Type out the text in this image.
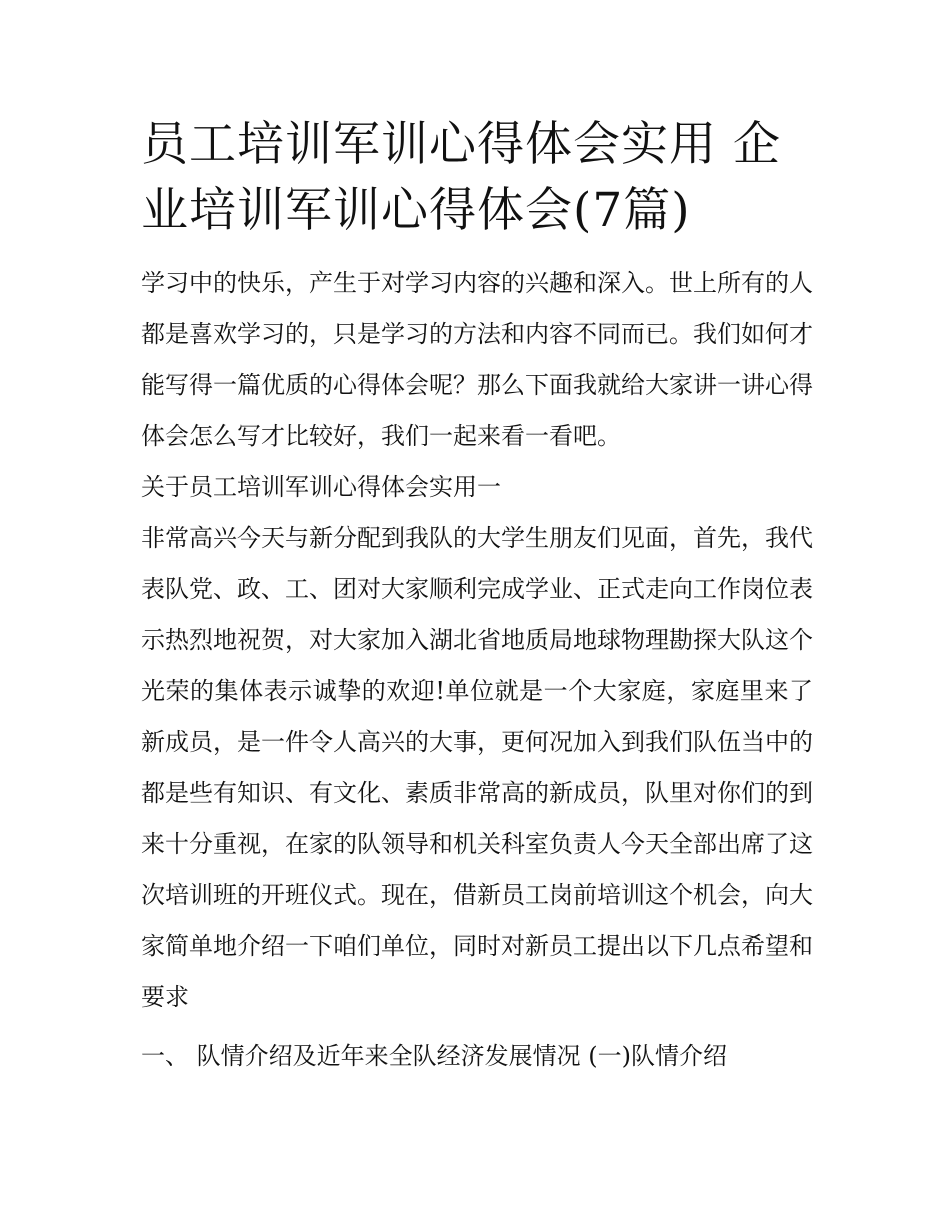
员工培训军训心得体会实用 企业培训军训心得体会(7篇)

学习中的快乐，产生于对学习内容的兴趣和深入。世上所有的人都是喜欢学习的，只是学习的方法和内容不同而已。我们如何才能写得一篇优质的心得体会呢？那么下面我就给大家讲一讲心得体会怎么写才比较好，我们一起来看一看吧。

关于员工培训军训心得体会实用一

非常高兴今天与新分配到我队的大学生朋友们见面，首先，我代表队党、政、工、团对大家顺利完成学业、正式走向工作岗位表示热烈地祝贺，对大家加入湖北省地质局地球物理勘探大队这个光荣的集体表示诚挚的欢迎!单位就是一个大家庭，家庭里来了新成员，是一件令人高兴的大事，更何况加入到我们队伍当中的都是些有知识、有文化、素质非常高的新成员，队里对你们的到来十分重视，在家的队领导和机关科室负责人今天全部出席了这次培训班的开班仪式。现在，借新员工岗前培训这个机会，向大家简单地介绍一下咱们单位，同时对新员工提出以下几点希望和要求

一、 队情介绍及近年来全队经济发展情况 (一)队情介绍
